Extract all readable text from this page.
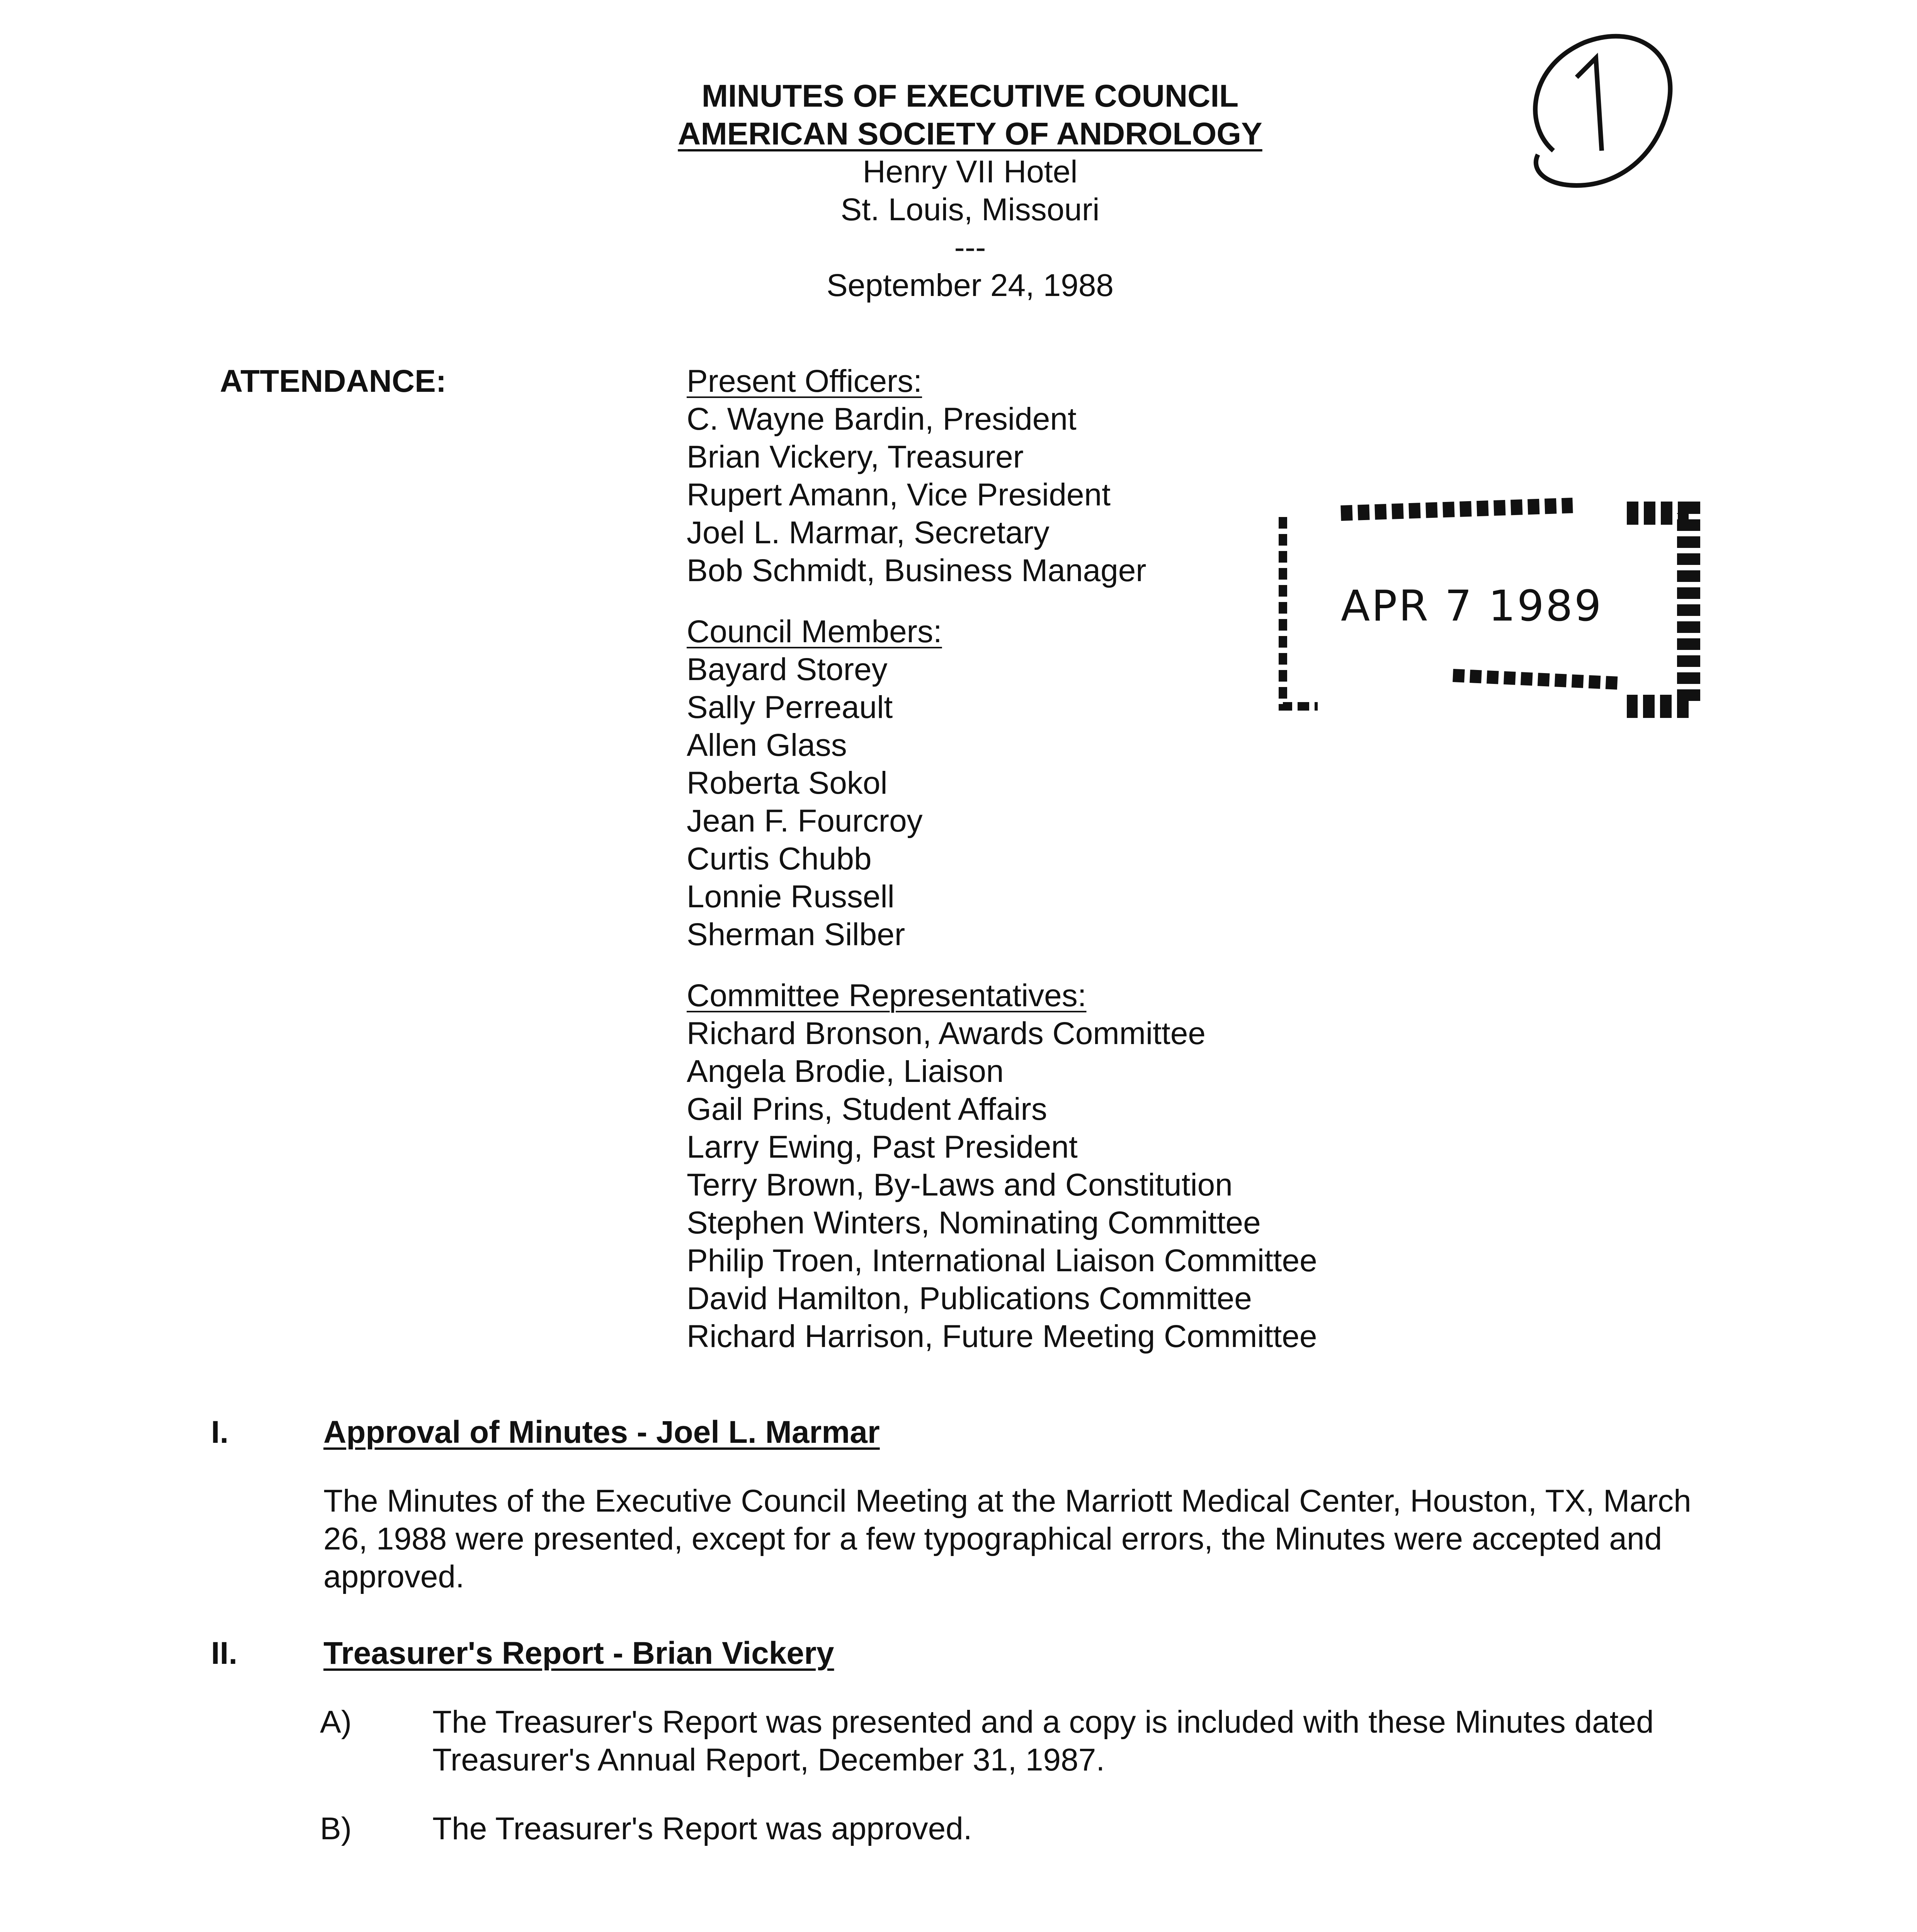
MINUTES OF EXECUTIVE COUNCIL
AMERICAN SOCIETY OF ANDROLOGY
Henry VII Hotel
St. Louis, Missouri
---
September 24, 1988
ATTENDANCE:
APR 7 1989
Present Officers:
C. Wayne Bardin, President
Brian Vickery, Treasurer
Rupert Amann, Vice President
Joel L. Marmar, Secretary
Bob Schmidt, Business Manager
Council Members:
Bayard Storey
Sally Perreault
Allen Glass
Roberta Sokol
Jean F. Fourcroy
Curtis Chubb
Lonnie Russell
Sherman Silber
Committee Representatives:
Richard Bronson, Awards Committee
Angela Brodie, Liaison
Gail Prins, Student Affairs
Larry Ewing, Past President
Terry Brown, By-Laws and Constitution
Stephen Winters, Nominating Committee
Philip Troen, International Liaison Committee
David Hamilton, Publications Committee
Richard Harrison, Future Meeting Committee
I.	Approval of Minutes - Joel L. Marmar
The Minutes of the Executive Council Meeting at the Marriott Medical Center, Houston, TX, March 26, 1988 were presented, except for a few typographical errors, the Minutes were accepted and approved.
II.	Treasurer's Report - Brian Vickery
A)	The Treasurer's Report was presented and a copy is included with these Minutes dated Treasurer's Annual Report, December 31, 1987.
B)	The Treasurer's Report was approved.
